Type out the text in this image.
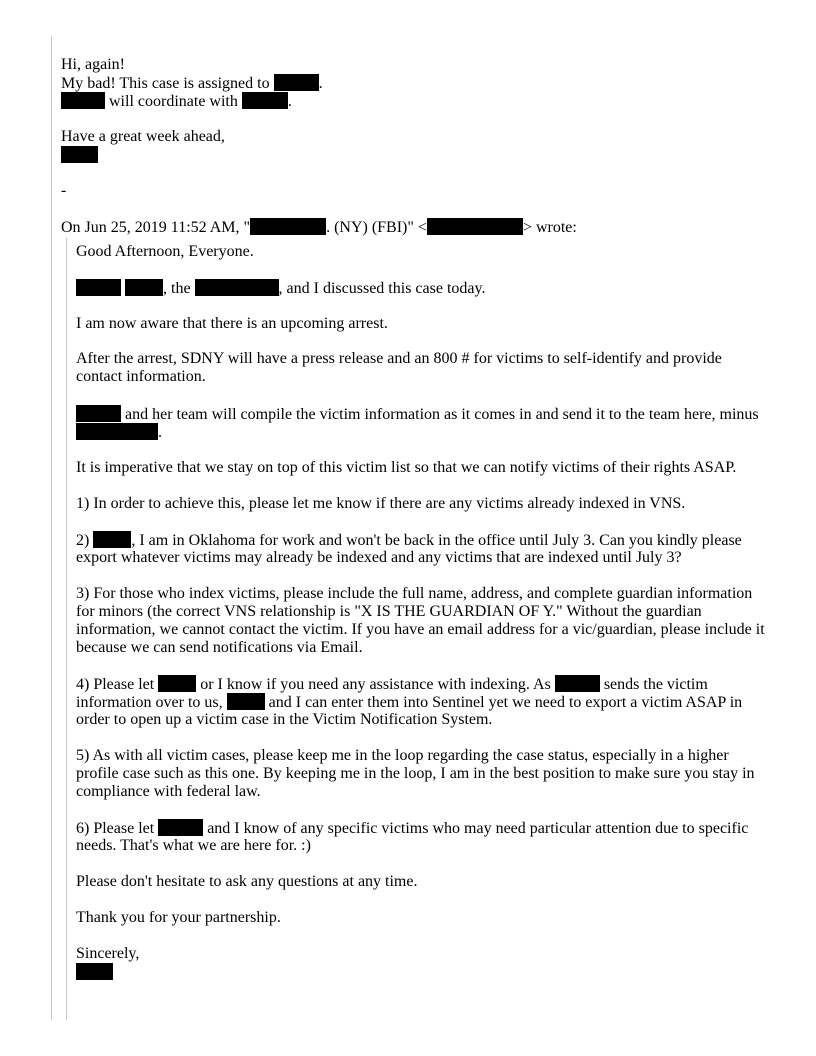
Hi, again!
My bad! This case is assigned to	.
will coordinate with	.
Have a great week ahead,
-
On Jun 25, 2019 11:52 AM, "	. (NY) (FBI)" <	> wrote:
Good Afternoon, Everyone.
, the	, and I discussed this case today.
I am now aware that there is an upcoming arrest.
After the arrest, SDNY will have a press release and an 800 # for victims to self-identify and provide
contact information.
and her team will compile the victim information as it comes in and send it to the team here, minus
.
It is imperative that we stay on top of this victim list so that we can notify victims of their rights ASAP.
1) In order to achieve this, please let me know if there are any victims already indexed in VNS.
2) , I am in Oklahoma for work and won't be back in the office until July 3. Can you kindly please
export whatever victims may already be indexed and any victims that are indexed until July 3?
3) For those who index victims, please include the full name, address, and complete guardian information
for minors (the correct VNS relationship is "X IS THE GUARDIAN OF Y." Without the guardian
information, we cannot contact the victim. If you have an email address for a vic/guardian, please include it
because we can send notifications via Email.
4) Please let  or I know if you need any assistance with indexing. As	sends the victim
information over to us,  and I can enter them into Sentinel yet we need to export a victim ASAP in
order to open up a victim case in the Victim Notification System.
5) As with all victim cases, please keep me in the loop regarding the case status, especially in a higher
profile case such as this one. By keeping me in the loop, I am in the best position to make sure you stay in
compliance with federal law.
6) Please let	and I know of any specific victims who may need particular attention due to specific
needs. That's what we are here for. :)
Please don't hesitate to ask any questions at any time.
Thank you for your partnership.
Sincerely,
